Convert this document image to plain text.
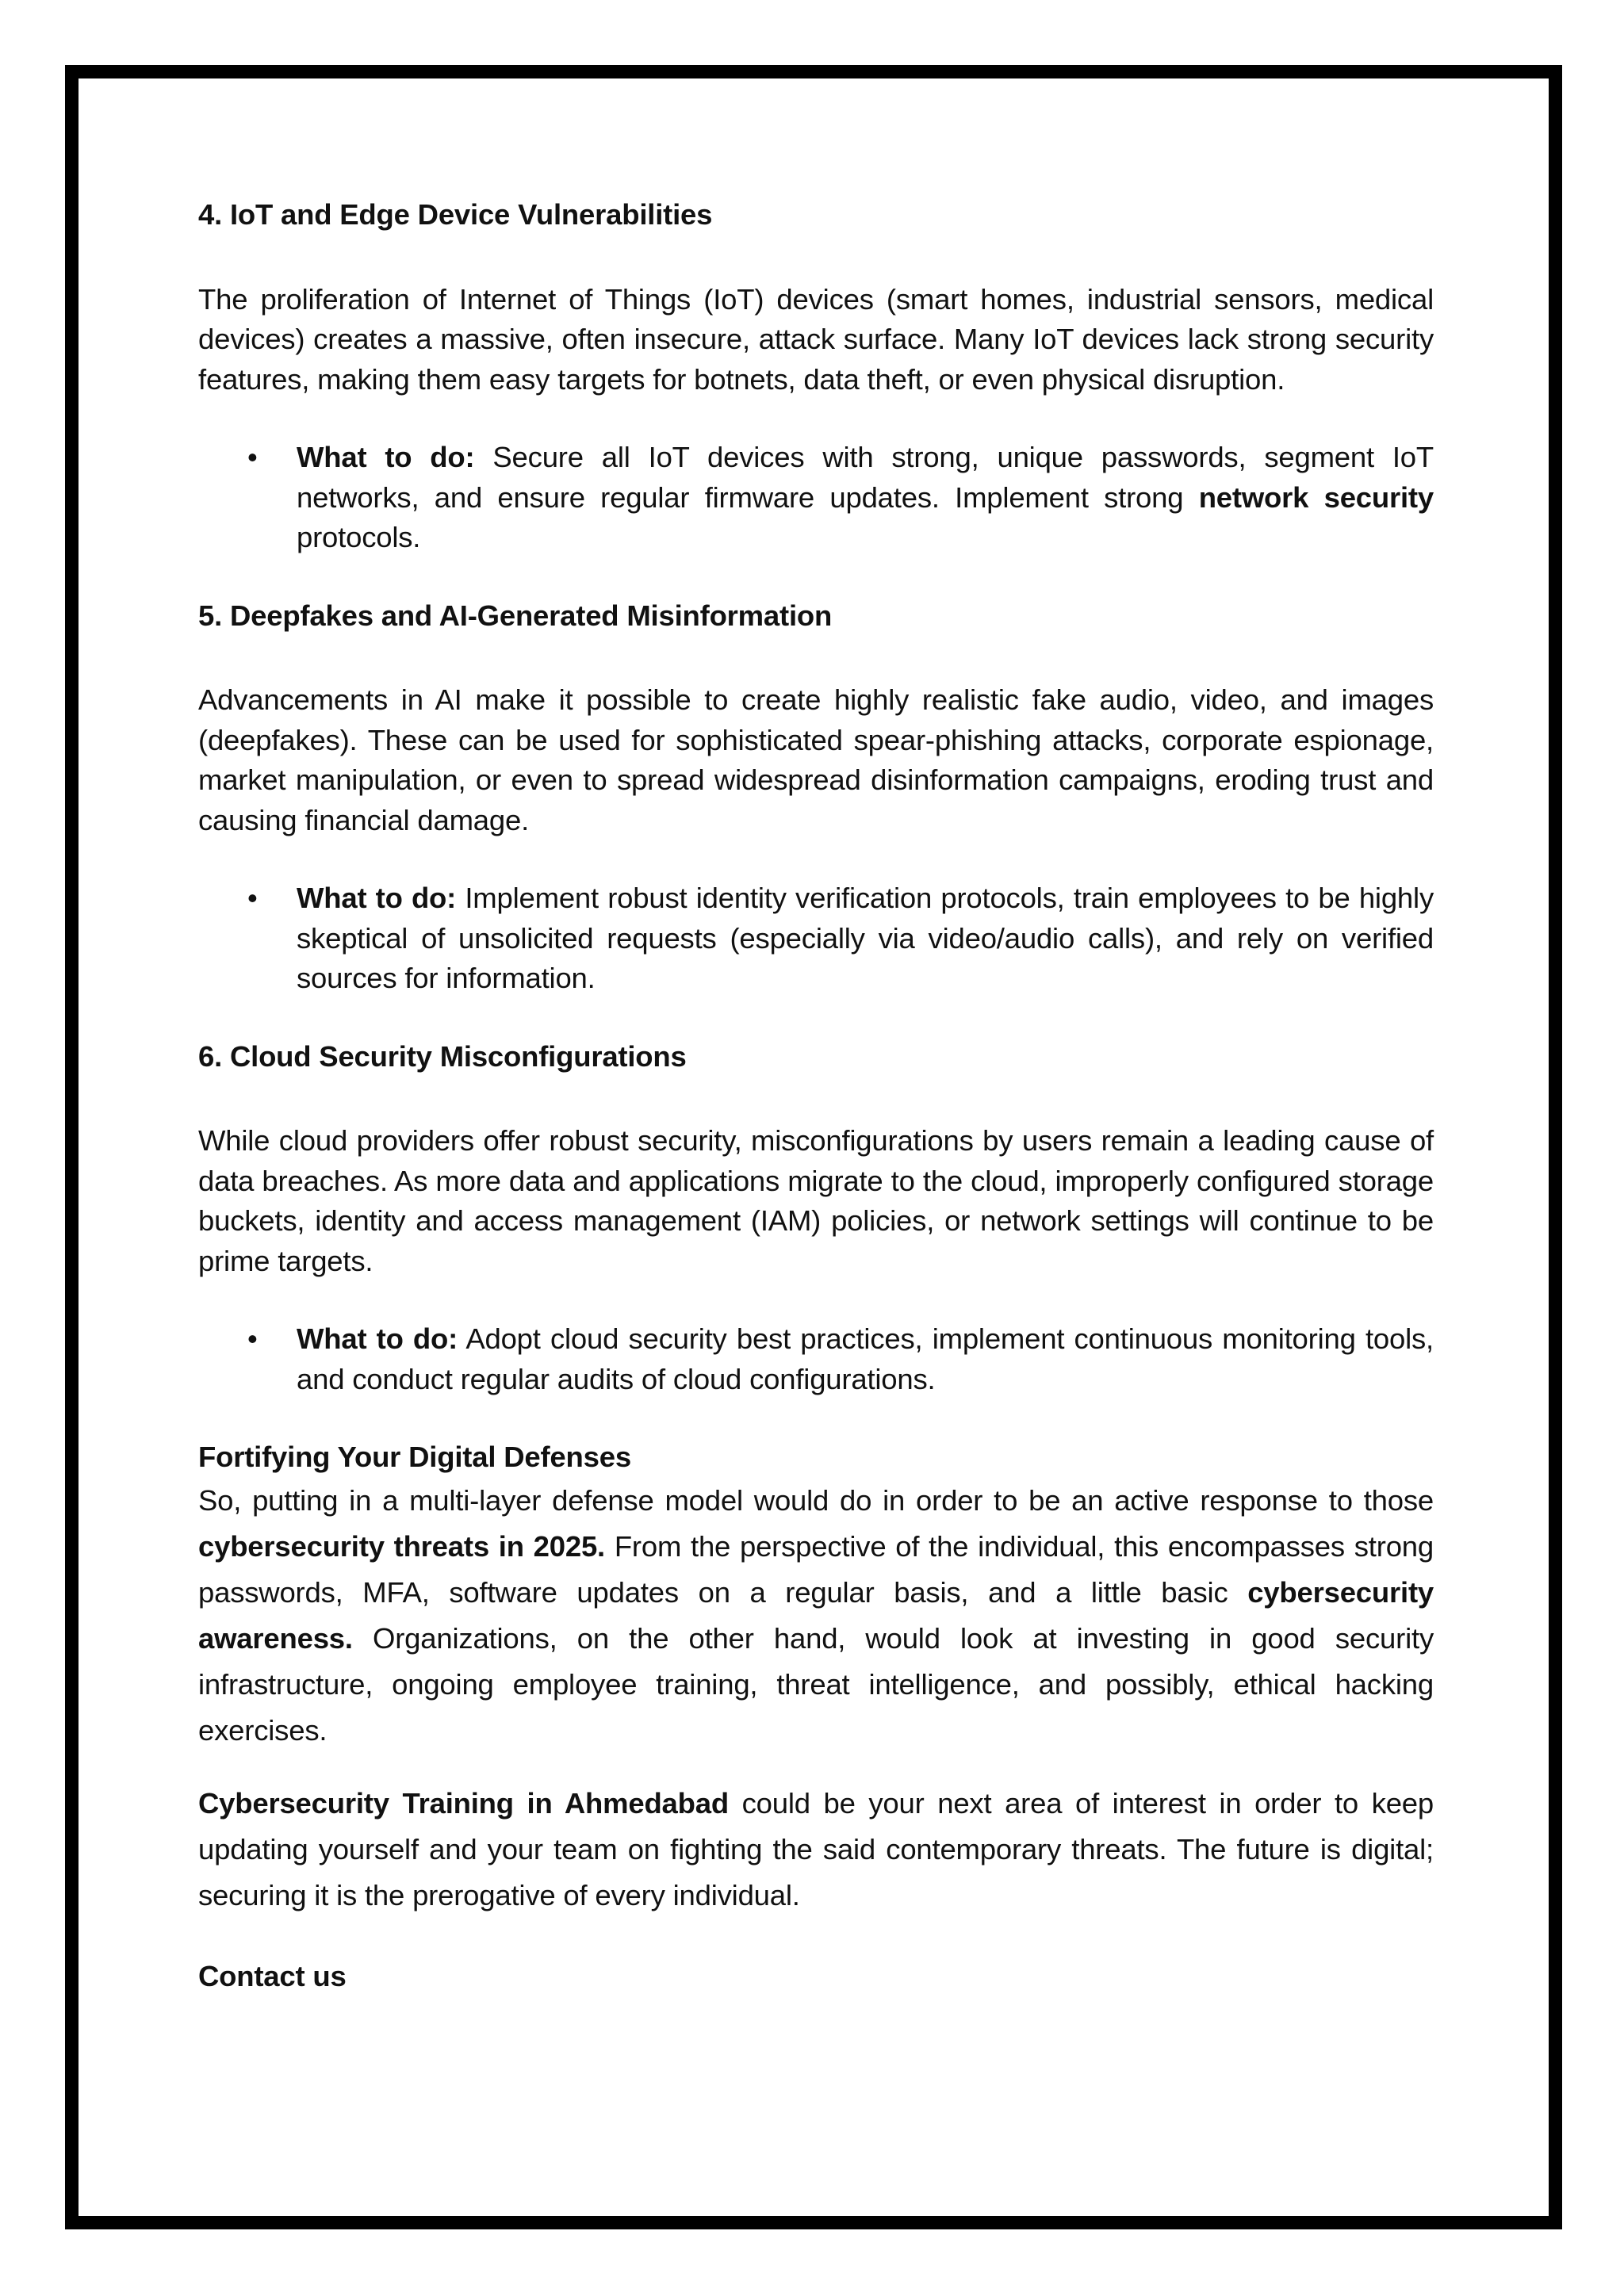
4. IoT and Edge Device Vulnerabilities

The proliferation of Internet of Things (IoT) devices (smart homes, industrial sensors, medical devices) creates a massive, often insecure, attack surface. Many IoT devices lack strong security features, making them easy targets for botnets, data theft, or even physical disruption.

•	What to do: Secure all IoT devices with strong, unique passwords, segment IoT networks, and ensure regular firmware updates. Implement strong network security protocols.

5. Deepfakes and AI-Generated Misinformation

Advancements in AI make it possible to create highly realistic fake audio, video, and images (deepfakes). These can be used for sophisticated spear-phishing attacks, corporate espionage, market manipulation, or even to spread widespread disinformation campaigns, eroding trust and causing financial damage.

•	What to do: Implement robust identity verification protocols, train employees to be highly skeptical of unsolicited requests (especially via video/audio calls), and rely on verified sources for information.

6. Cloud Security Misconfigurations

While cloud providers offer robust security, misconfigurations by users remain a leading cause of data breaches. As more data and applications migrate to the cloud, improperly configured storage buckets, identity and access management (IAM) policies, or network settings will continue to be prime targets.

•	What to do: Adopt cloud security best practices, implement continuous monitoring tools, and conduct regular audits of cloud configurations.

Fortifying Your Digital Defenses

So, putting in a multi-layer defense model would do in order to be an active response to those cybersecurity threats in 2025. From the perspective of the individual, this encompasses strong passwords, MFA, software updates on a regular basis, and a little basic cybersecurity awareness. Organizations, on the other hand, would look at investing in good security infrastructure, ongoing employee training, threat intelligence, and possibly, ethical hacking exercises.

Cybersecurity Training in Ahmedabad could be your next area of interest in order to keep updating yourself and your team on fighting the said contemporary threats. The future is digital; securing it is the prerogative of every individual.

Contact us
